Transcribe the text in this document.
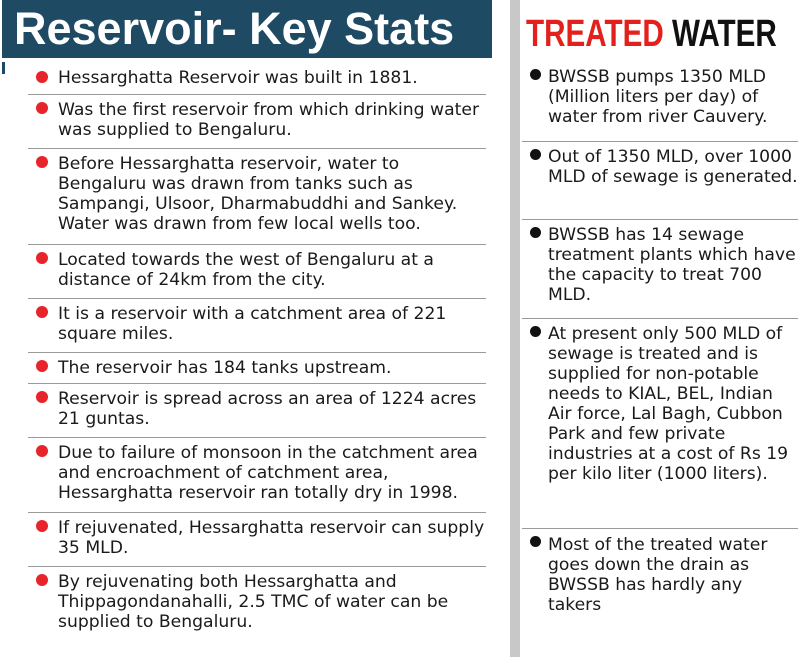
Reservoir- Key Stats
Hessarghatta Reservoir was built in 1881.
Was the first reservoir from which drinking water was supplied to Bengaluru.
Before Hessarghatta reservoir, water to Bengaluru was drawn from tanks such as Sampangi, Ulsoor, Dharmabuddhi and Sankey. Water was drawn from few local wells too.
Located towards the west of Bengaluru at a distance of 24km from the city.
It is a reservoir with a catchment area of 221 square miles.
The reservoir has 184 tanks upstream.
Reservoir is spread across an area of 1224 acres 21 guntas.
Due to failure of monsoon in the catchment area and encroachment of catchment area, Hessarghatta reservoir ran totally dry in 1998.
If rejuvenated, Hessarghatta reservoir can supply 35 MLD.
By rejuvenating both Hessarghatta and Thippagondanahalli, 2.5 TMC of water can be supplied to Bengaluru.
TREATED WATER
BWSSB pumps 1350 MLD (Million liters per day) of water from river Cauvery.
Out of 1350 MLD, over 1000 MLD of sewage is generated.
BWSSB has 14 sewage treatment plants which have the capacity to treat 700 MLD.
At present only 500 MLD of sewage is treated and is supplied for non-potable needs to KIAL, BEL, Indian Air force, Lal Bagh, Cubbon Park and few private industries at a cost of Rs 19 per kilo liter (1000 liters).
Most of the treated water goes down the drain as BWSSB has hardly any takers
